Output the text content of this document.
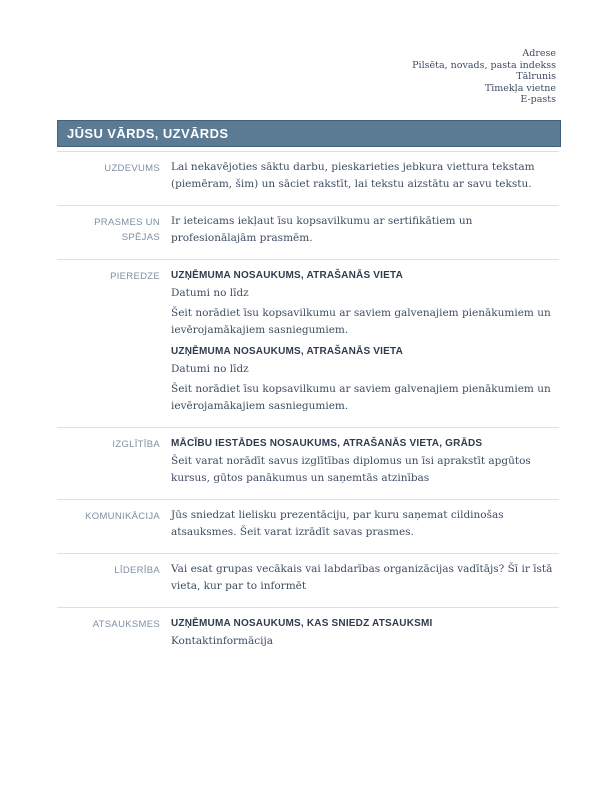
Adrese
Pilsēta, novads, pasta indekss
Tālrunis
Tīmekļa vietne
E-pasts
JŪSU VĀRDS, UZVĀRDS
UZDEVUMS Lai nekavējoties sāktu darbu, pieskarieties jebkura viettura tekstam (piemēram, šim) un sāciet rakstīt, lai tekstu aizstātu ar savu tekstu.

PRASMES UN SPĒJAS

Ir ieteicams iekļaut īsu kopsavilkumu ar sertifikātiem un profesionālajām prasmēm.

PIEREDZE UZŅĒMUMA NOSAUKUMS, ATRAŠANĀS VIETA

Datumi no līdz

Šeit norādiet īsu kopsavilkumu ar saviem galvenajiem pienākumiem un ievērojamākajiem sasniegumiem.

UZŅĒMUMA NOSAUKUMS, ATRAŠANĀS VIETA

Datumi no līdz

Šeit norādiet īsu kopsavilkumu ar saviem galvenajiem pienākumiem un ievērojamākajiem sasniegumiem.

IZGLĪTĪBA MĀCĪBU IESTĀDES NOSAUKUMS, ATRAŠANĀS VIETA, GRĀDS

Šeit varat norādīt savus izglītības diplomus un īsi aprakstīt apgūtos kursus, gūtos panākumus un saņemtās atzinības

KOMUNIKĀCIJA Jūs sniedzat lielisku prezentāciju, par kuru saņemat cildinošas atsauksmes. Šeit varat izrādīt savas prasmes.

LĪDERĪBA Vai esat grupas vecākais vai labdarības organizācijas vadītājs? Šī ir īstā vieta, kur par to informēt

ATSAUKSMES UZŅĒMUMA NOSAUKUMS, KAS SNIEDZ ATSAUKSMI

Kontaktinformācija
